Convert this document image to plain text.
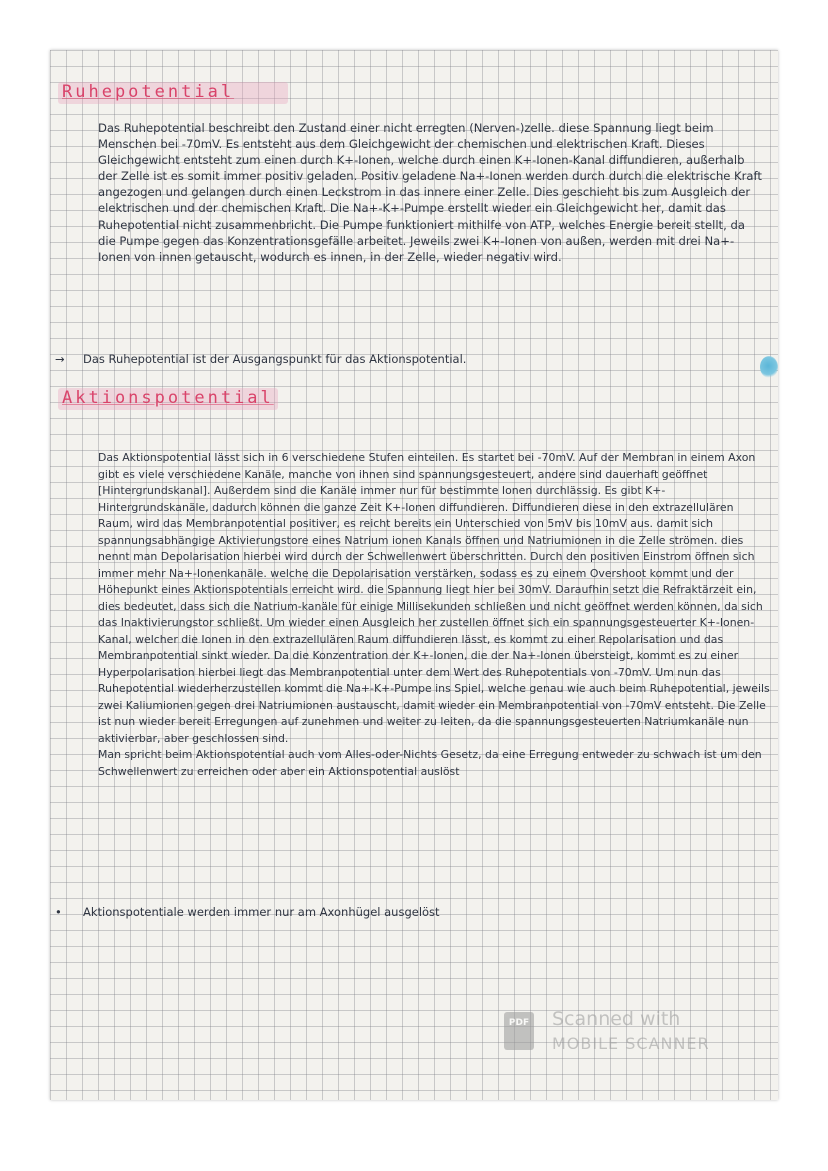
Ruhepotential
Das Ruhepotential beschreibt den Zustand einer nicht erregten (Nerven-)zelle. diese Spannung liegt beim Menschen bei -70mV. Es entsteht aus dem Gleichgewicht der chemischen und elektrischen Kraft. Dieses Gleichgewicht entsteht zum einen durch K+-Ionen, welche durch einen K+-Ionen-Kanal diffundieren, außerhalb der Zelle ist es somit immer positiv geladen. Positiv geladene Na+-Ionen werden durch durch die elektrische Kraft angezogen und gelangen durch einen Leckstrom in das innere einer Zelle. Dies geschieht bis zum Ausgleich der elektrischen und der chemischen Kraft. Die Na+-K+-Pumpe erstellt wieder ein Gleichgewicht her, damit das Ruhepotential nicht zusammenbricht. Die Pumpe funktioniert mithilfe von ATP, welches Energie bereit stellt, da die Pumpe gegen das Konzentrationsgefälle arbeitet. Jeweils zwei K+-Ionen von außen, werden mit drei Na+-Ionen von innen getauscht, wodurch es innen, in der Zelle, wieder negativ wird.
→ Das Ruhepotential ist der Ausgangspunkt für das Aktionspotential.
Aktionspotential
Das Aktionspotential lässt sich in 6 verschiedene Stufen einteilen. Es startet bei -70mV. Auf der Membran in einem Axon gibt es viele verschiedene Kanäle, manche von ihnen sind spannungsgesteuert, andere sind dauerhaft geöffnet [Hintergrundskanal]. Außerdem sind die Kanäle immer nur für bestimmte Ionen durchlässig. Es gibt K+-Hintergrundskanäle, dadurch können die ganze Zeit K+-Ionen diffundieren. Diffundieren diese in den extrazellulären Raum, wird das Membranpotential positiver, es reicht bereits ein Unterschied von 5mV bis 10mV aus. damit sich spannungsabhängige Aktivierungstore eines Natrium ionen Kanals öffnen und Natriumionen in die Zelle strömen. dies nennt man Depolarisation hierbei wird durch der Schwellenwert überschritten. Durch den positiven Einstrom öffnen sich immer mehr Na+-Ionenkanäle. welche die Depolarisation verstärken, sodass es zu einem Overshoot kommt und der Höhepunkt eines Aktionspotentials erreicht wird. die Spannung liegt hier bei 30mV. Daraufhin setzt die Refraktärzeit ein, dies bedeutet, dass sich die Natrium-kanäle für einige Millisekunden schließen und nicht geöffnet werden können, da sich das Inaktivierungstor schließt. Um wieder einen Ausgleich her zustellen öffnet sich ein spannungsgesteuerter K+-Ionen-Kanal, welcher die Ionen in den extrazellulären Raum diffundieren lässt, es kommt zu einer Repolarisation und das Membranpotential sinkt wieder. Da die Konzentration der K+-Ionen, die der Na+-Ionen übersteigt, kommt es zu einer Hyperpolarisation hierbei liegt das Membranpotential unter dem Wert des Ruhepotentials von -70mV. Um nun das Ruhepotential wiederherzustellen kommt die Na+-K+-Pumpe ins Spiel, welche genau wie auch beim Ruhepotential, jeweils zwei Kaliumionen gegen drei Natriumionen austauscht, damit wieder ein Membranpotential von -70mV entsteht. Die Zelle ist nun wieder bereit Erregungen auf zunehmen und weiter zu leiten, da die spannungsgesteuerten Natriumkanäle nun aktivierbar, aber geschlossen sind.
Man spricht beim Aktionspotential auch vom Alles-oder-Nichts Gesetz, da eine Erregung entweder zu schwach ist um den Schwellenwert zu erreichen oder aber ein Aktionspotential auslöst
• Aktionspotentiale werden immer nur am Axonhügel ausgelöst
PDF Scanned with
MOBILE SCANNER
